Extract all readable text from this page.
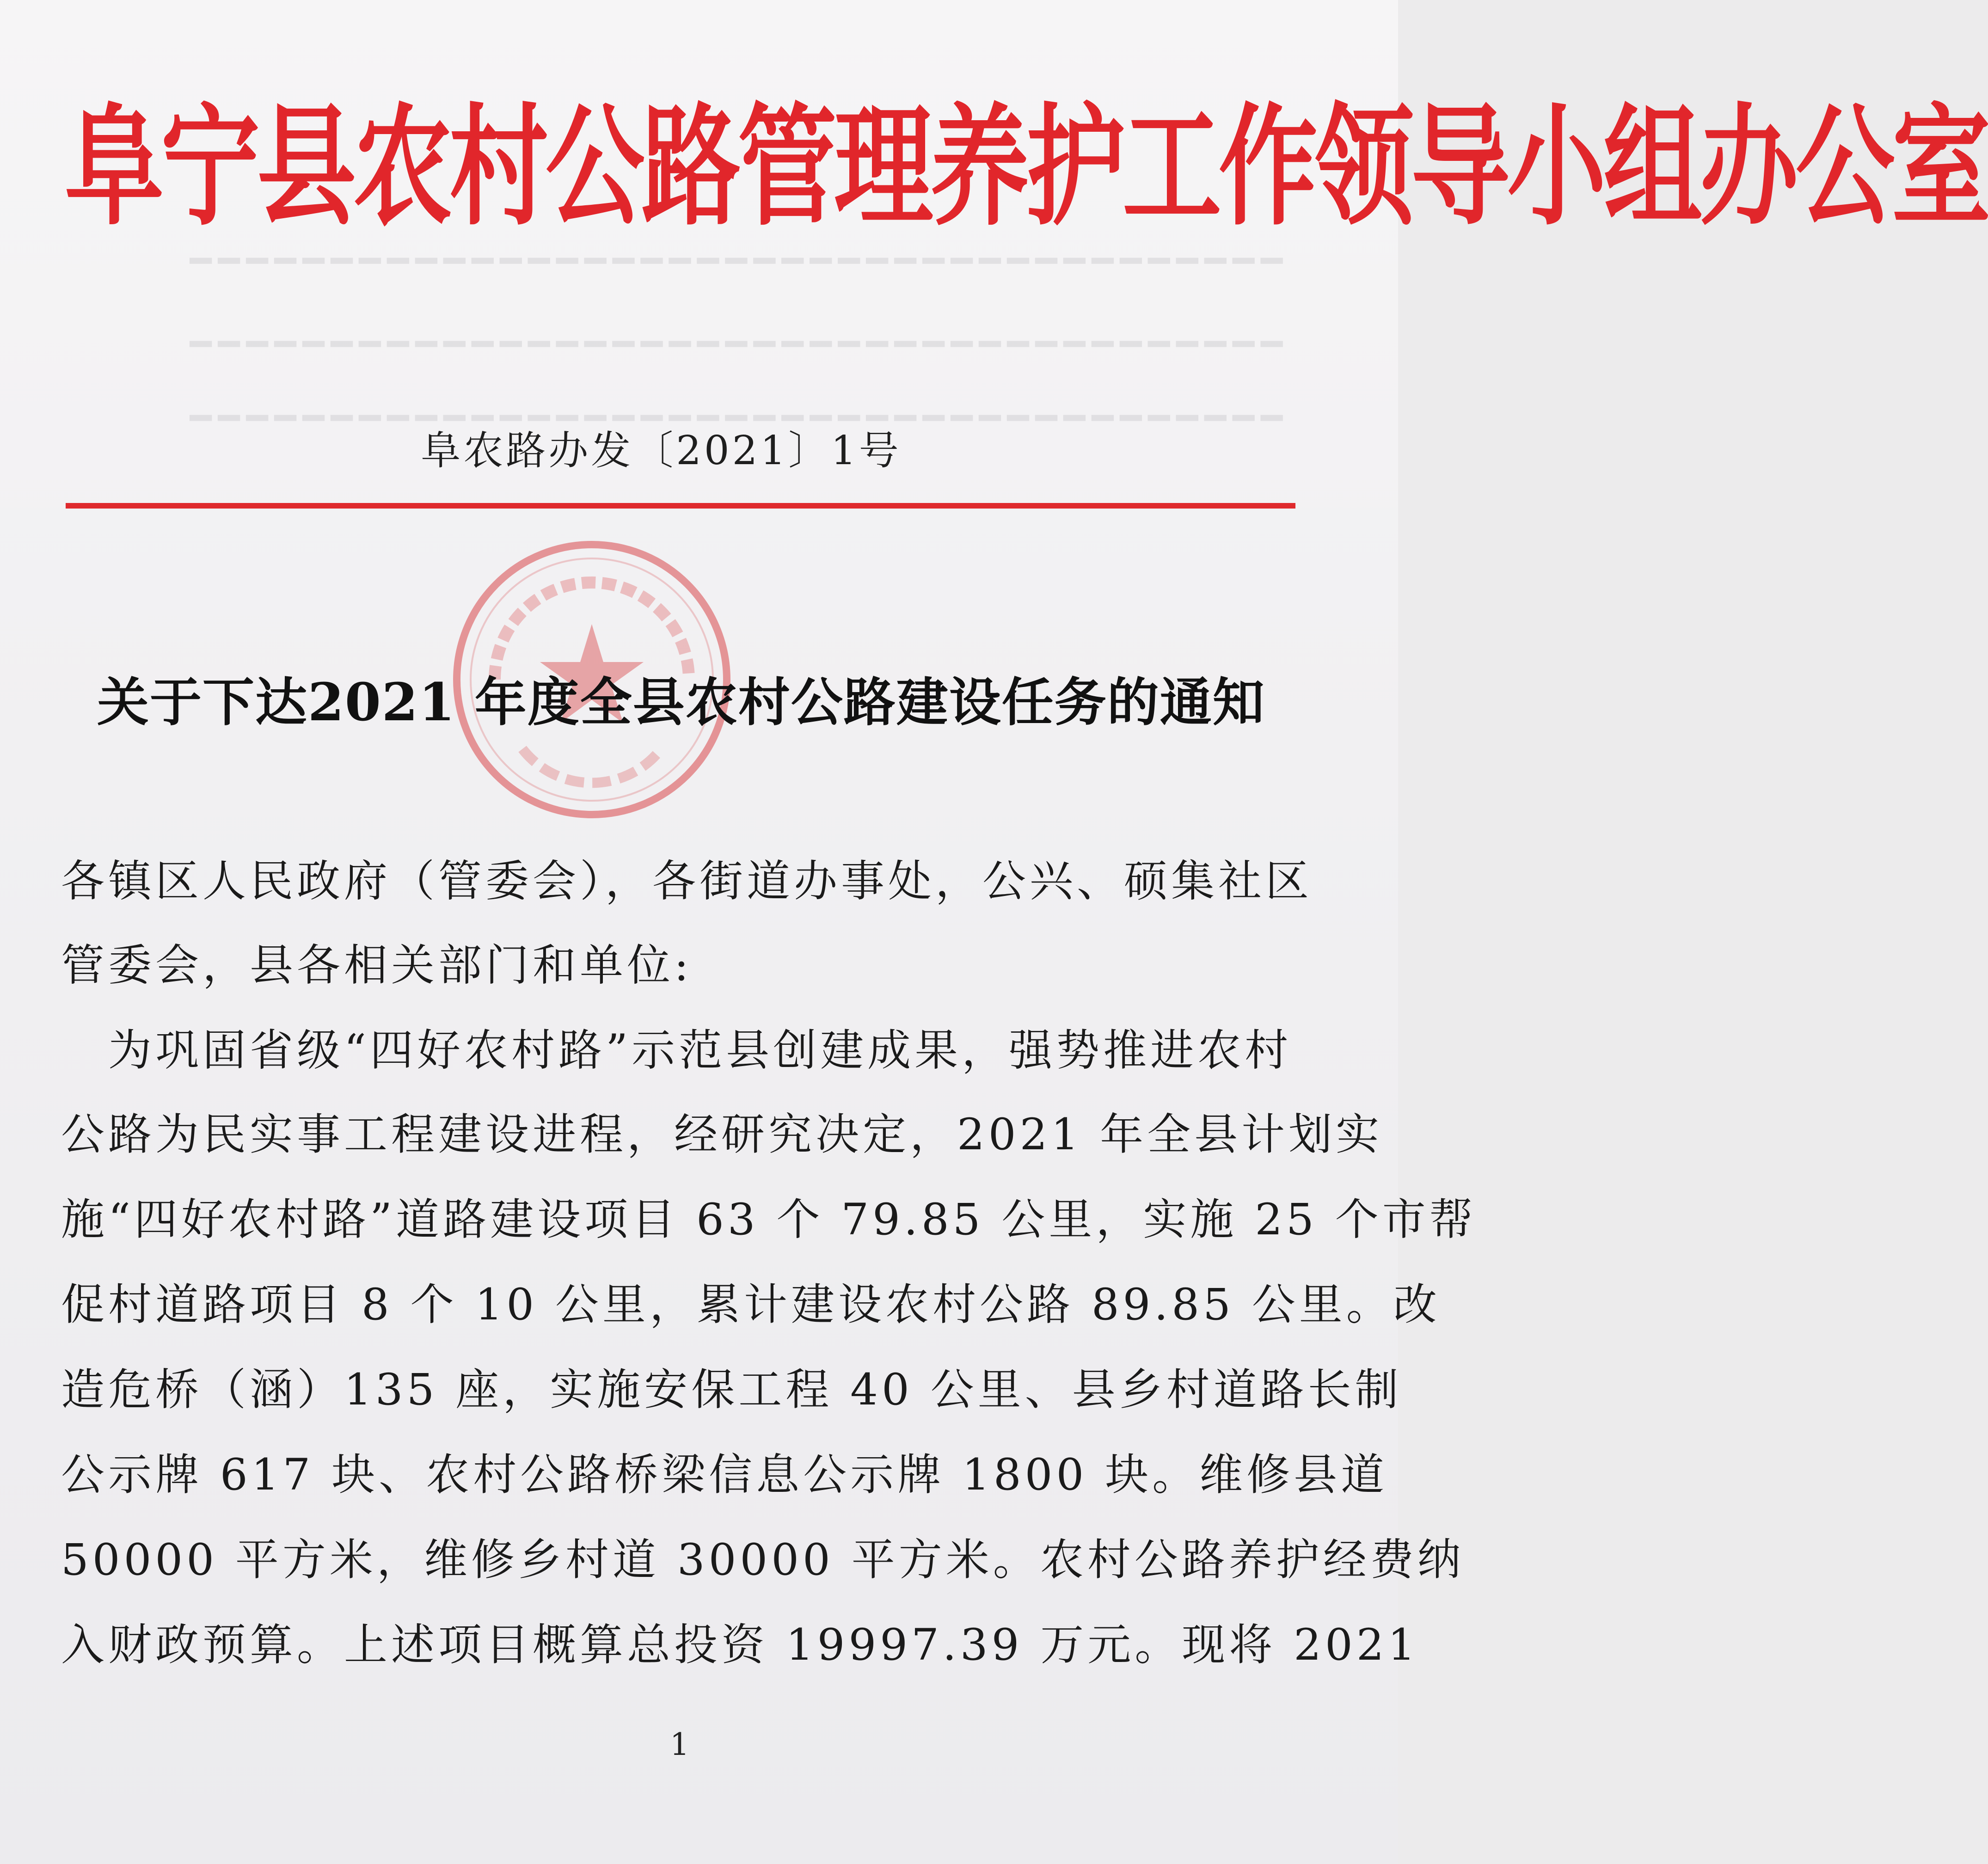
━━━━━━━━━━━━━━━━━━━━━━━━━━━━━━━━━━━━━━━
━━━━━━━━━━━━━━━━━━━━━━━━━━━━━━━━━━━━━━━
━━━━━━━━━━━━━━━━━━━━━━━━━━━━━━━━━━━━━━━
阜宁县农村公路管理养护工作领导小组办公室
阜农路办发〔2021〕1号
关于下达2021 年度全县农村公路建设任务的通知
各镇区人民政府（管委会），各街道办事处，公兴、硕集社区
管委会，县各相关部门和单位:
　为巩固省级“四好农村路”示范县创建成果，强势推进农村
公路为民实事工程建设进程，经研究决定，2021 年全县计划实
施“四好农村路”道路建设项目 63 个 79.85 公里，实施 25 个市帮
促村道路项目 8 个 10 公里，累计建设农村公路 89.85 公里。改
造危桥（涵）135 座，实施安保工程 40 公里、县乡村道路长制
公示牌 617 块、农村公路桥梁信息公示牌 1800 块。维修县道
50000 平方米，维修乡村道 30000 平方米。农村公路养护经费纳
入财政预算。上述项目概算总投资 19997.39 万元。现将 2021
1
